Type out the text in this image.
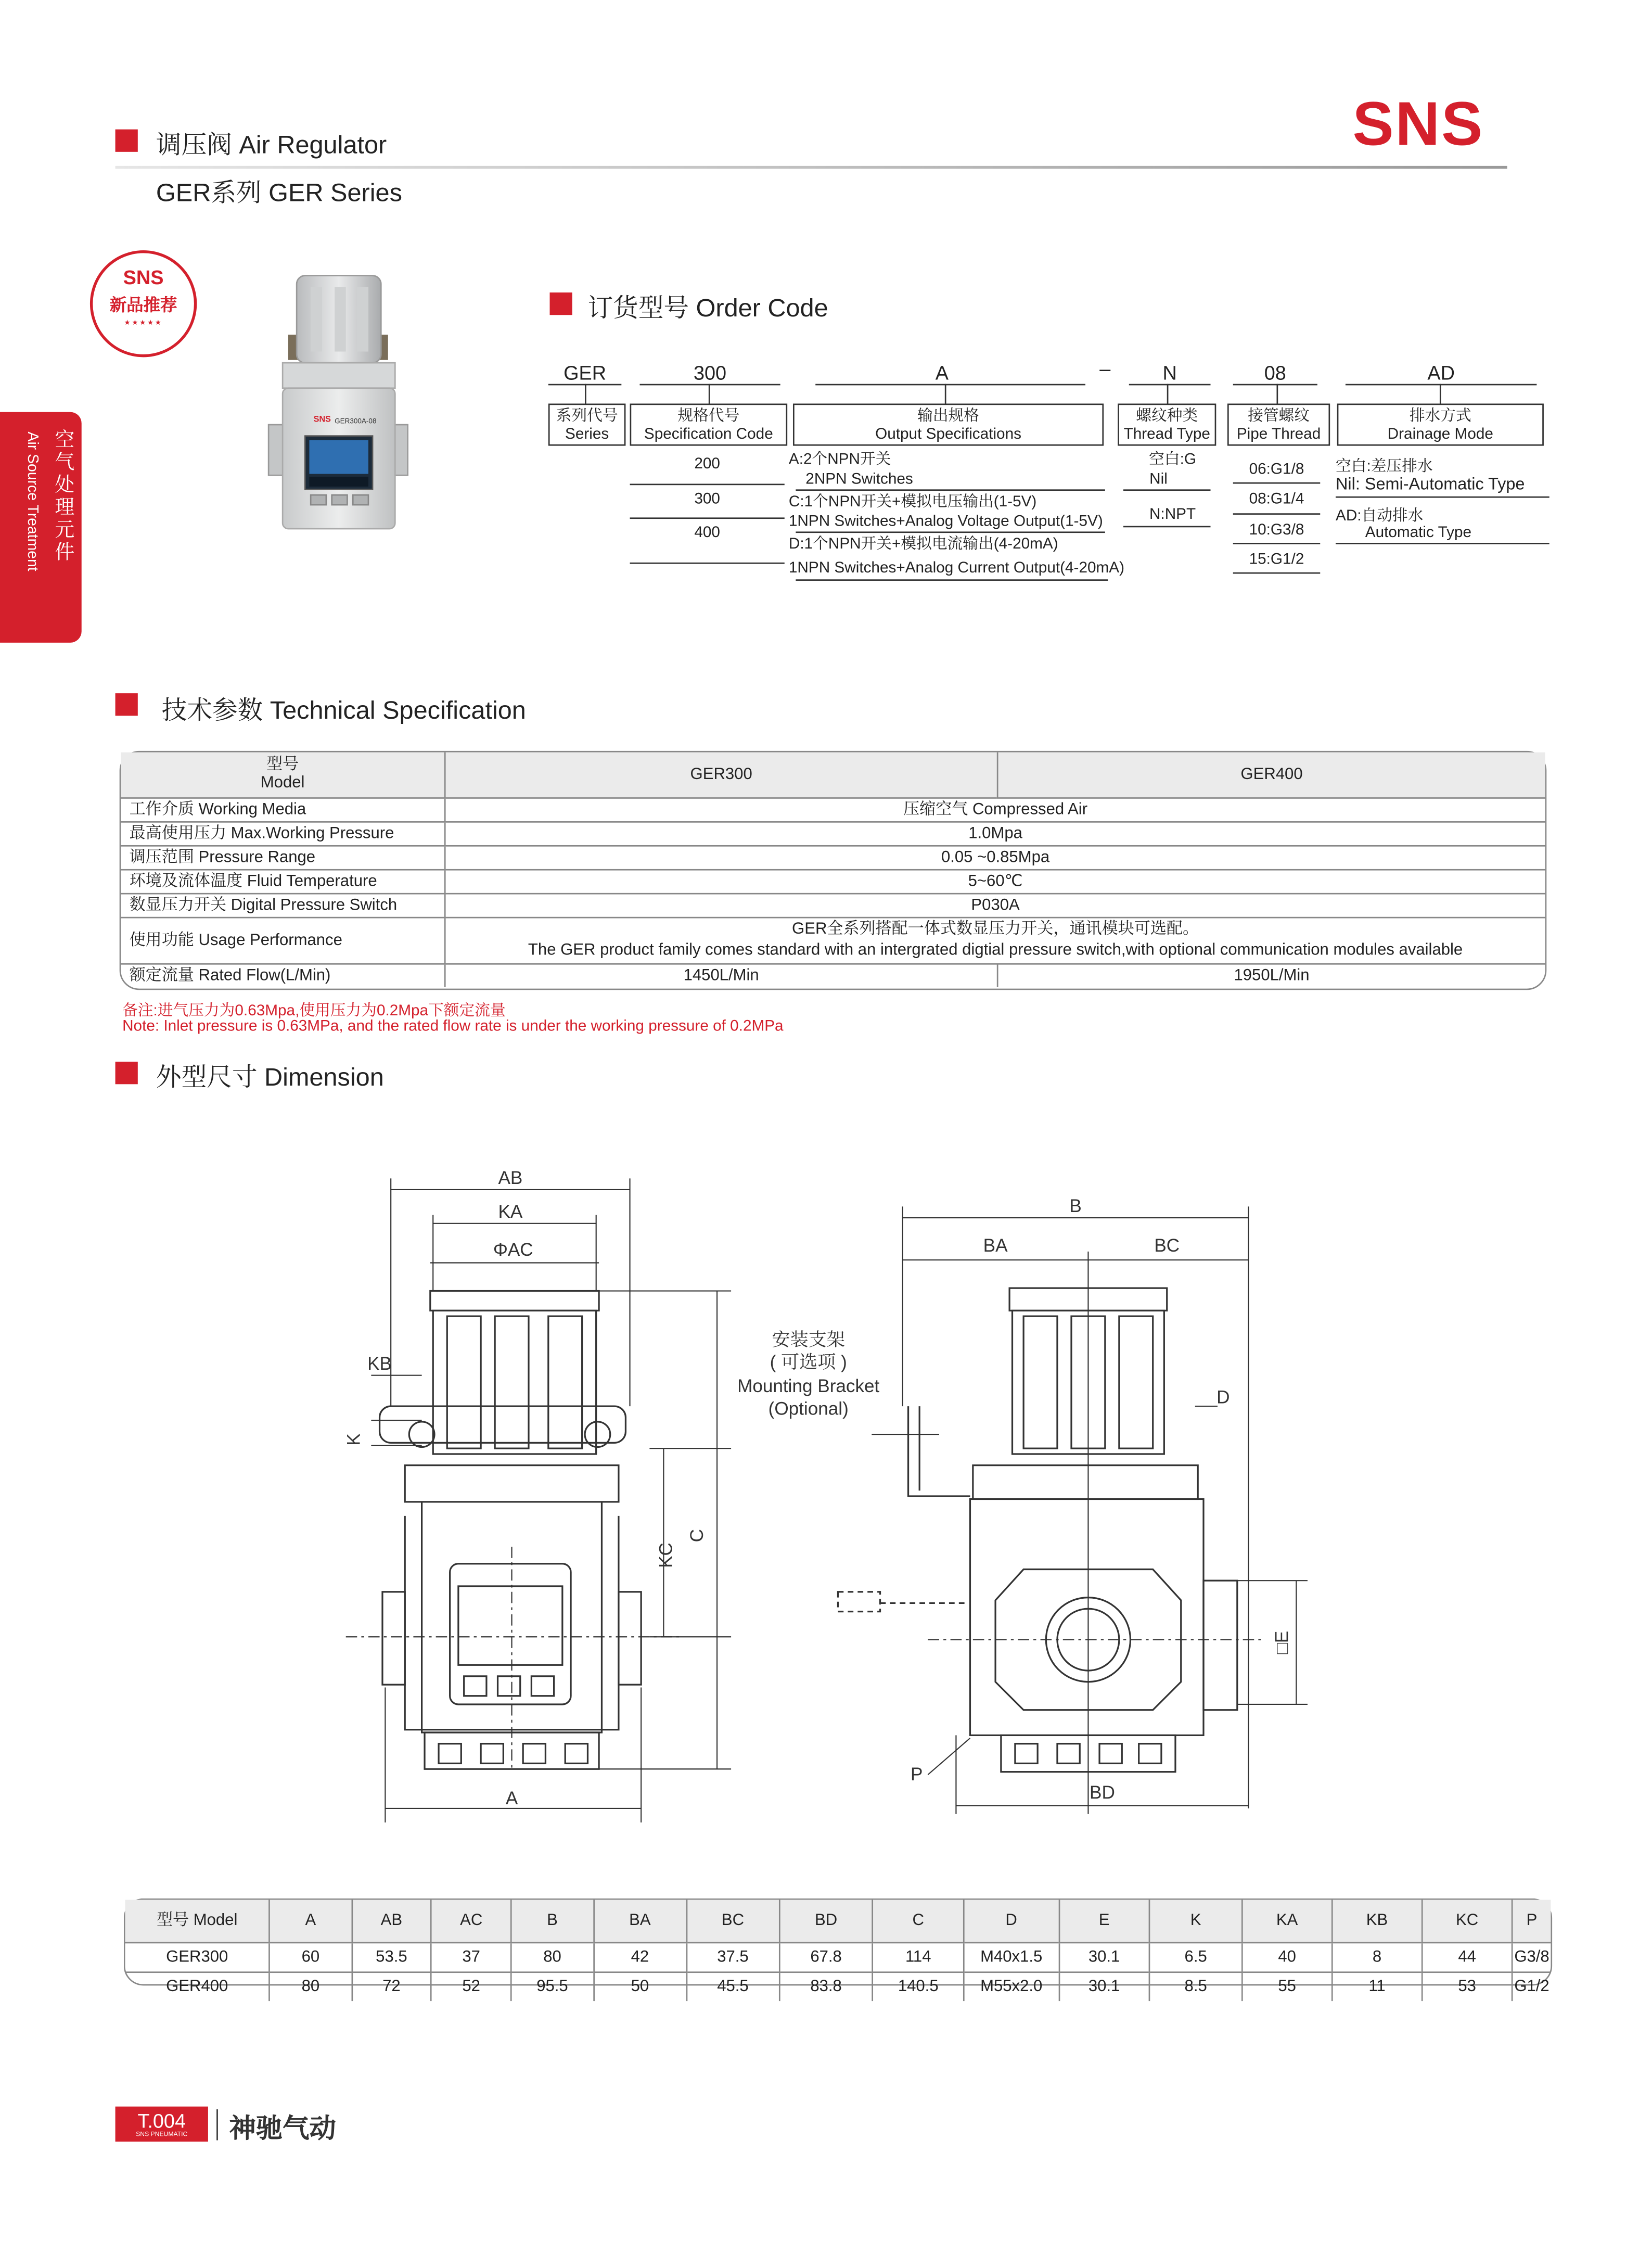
调压阀 Air Regulator
GER系列 GER Series
SNS
SNS
新品推荐
★★★★★
空气处理元件
Air Source Treatment
SNS GER300A-08
订货型号 Order Code
GER	300	A	–	N	08	AD
系列代号
Series
规格代号
Specification Code
输出规格
Output Specifications
螺纹种类
Thread Type
接管螺纹
Pipe Thread
排水方式
Drainage Mode
200
300
400
A:2个NPN开关
2NPN Switches
C:1个NPN开关+模拟电压输出(1-5V)
1NPN Switches+Analog Voltage Output(1-5V)
D:1个NPN开关+模拟电流输出(4-20mA)
1NPN Switches+Analog Current Output(4-20mA)
空白:G
Nil
N:NPT
06:G1/8
08:G1/4
10:G3/8
15:G1/2
空白:差压排水
Nil: Semi-Automatic Type
AD:自动排水
Automatic Type
技术参数 Technical Specification
型号
Model	GER300	GER400
工作介质 Working Media	压缩空气 Compressed Air	
最高使用压力 Max.Working Pressure	1.0Mpa	
调压范围 Pressure Range	0.05 ~0.85Mpa	
环境及流体温度 Fluid Temperature	5~60℃	
数显压力开关 Digital Pressure Switch	P030A	
使用功能 Usage Performance	GER全系列搭配一体式数显压力开关，通讯模块可选配。
The GER product family comes standard with an intergrated digtial pressure switch,with optional communication modules available	

额定流量 Rated Flow(L/Min)	1450L/Min	1950L/Min
备注:进气压力为0.63Mpa,使用压力为0.2Mpa下额定流量
Note: Inlet pressure is 0.63MPa, and the rated flow rate is under the working pressure of 0.2MPa
外型尺寸 Dimension
AB
KA
ΦAC
KB
K
KC
C
A
B
BA	BC
D
□E
P
BD
安装支架
( 可选项 )
Mounting Bracket
(Optional)
型号 Model	A	AB	AC	B	BA	BC	BD	C	D	E	K	KA	KB	KC	P
GER300	60	53.5	37	80	42	37.5	67.8	114	M40x1.5	30.1	6.5	40	8	44	G3/8
GER400	80	72	52	95.5	50	45.5	83.8	140.5	M55x2.0	30.1	8.5	55	11	53	G1/2
T.004
SNS PNEUMATIC	神驰气动
